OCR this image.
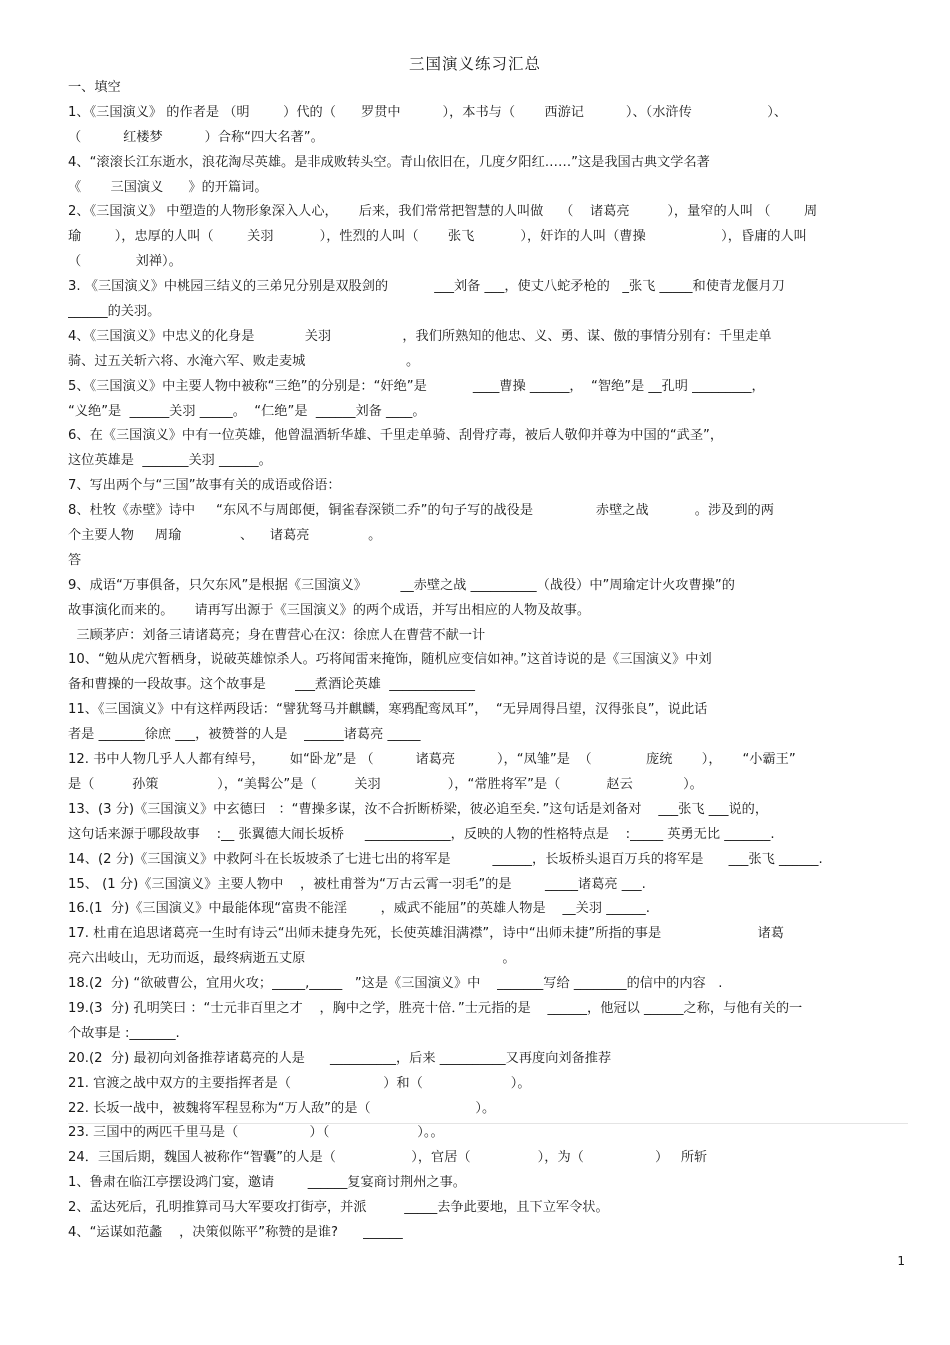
三国演义练习汇总
一、填空
1、《三国演义》 的作者是 （明        ）代的（      罗贯中          ），本书与（       西游记          ）、（水浒传                  ）、
（          红楼梦          ）合称“四大名著”。
4、“滚滚长江东逝水，浪花淘尽英雄。是非成败转头空。青山依旧在，几度夕阳红……”这是我国古典文学名著
《       三国演义      》的开篇词。
2、《三国演义》 中塑造的人物形象深入人心，     后来，我们常常把智慧的人叫做    （    诸葛亮         ），量窄的人叫 （        周
瑜        ），忠厚的人叫（        关羽           ），性烈的人叫（       张飞           ），奸诈的人叫（曹操                  ），昏庸的人叫
（             刘禅）。
3. 《三国演义》中桃园三结义的三弟兄分别是双股剑的           ___刘备 ___，使丈八蛇矛枪的   _张飞 _____和使青龙偃月刀
______的关羽。
4、《三国演义》中忠义的化身是            关羽                 ，我们所熟知的他忠、义、勇、谋、傲的事情分别有：千里走单
骑、过五关斩六将、水淹六军、败走麦城                        。
5、《三国演义》中主要人物中被称“三绝”的分别是：“奸绝”是           ____曹操 ______，  “智绝”是 __孔明 _________，
“义绝”是  ______关羽 _____。  “仁绝”是  ______刘备 ____。
6、在《三国演义》中有一位英雄，他曾温酒斩华雄、千里走单骑、刮骨疗毒，被后人敬仰并尊为中国的“武圣”，
这位英雄是  _______关羽 ______。
7、写出两个与“三国”故事有关的成语或俗语：
8、杜牧《赤壁》诗中     “东风不与周郎便，铜雀春深锁二乔”的句子写的战役是               赤壁之战           。涉及到的两
个主要人物     周瑜              、    诸葛亮              。
答
9、成语“万事俱备，只欠东风”是根据《三国演义》        __赤壁之战 __________（战役）中”周瑜定计火攻曹操”的
故事演化而来的。     请再写出源于《三国演义》的两个成语，并写出相应的人物及故事。
三顾茅庐：刘备三请诸葛亮；身在曹营心在汉：徐庶人在曹营不献一计
10、“勉从虎穴暂栖身，说破英雄惊杀人。巧将闻雷来掩饰，随机应变信如神。”这首诗说的是《三国演义》中刘
备和曹操的一段故事。这个故事是       ___煮酒论英雄  _____________
11、《三国演义》中有这样两段话：“譬犹驽马并麒麟，寒鸦配鸾凤耳”，  “无异周得吕望，汉得张良”，说此话
者是 _______徐庶 ___，被赞誉的人是    ______诸葛亮 _____
12. 书中人物几乎人人都有绰号，      如“卧龙”是 （          诸葛亮          ），“凤雏”是  （             庞统       ），     “小霸王”
是（         孙策              ），“美髯公”是（         关羽                ），“常胜将军”是（           赵云            ）。
13、(3 分)《三国演义》中玄德曰   ：“曹操多谋，汝不合折断桥梁，彼必追至矣．”这句话是刘备对    ___张飞 ___说的，
这句话来源于哪段故事    :__ 张翼德大闹长坂桥     _____________，反映的人物的性格特点是    :_____ 英勇无比 _______.
14、(2 分)《三国演义》中救阿斗在长坂坡杀了七进七出的将军是          ______，长坂桥头退百万兵的将军是      ___张飞 ______.
15、 (1 分)《三国演义》主要人物中    ，被杜甫誉为“万古云霄一羽毛”的是        _____诸葛亮 ___.
16.(1  分)《三国演义》中最能体现“富贵不能淫        ，威武不能屈”的英雄人物是    __关羽 ______.
17. 杜甫在追思诸葛亮一生时有诗云“出师未捷身先死，长使英雄泪满襟”，诗中“出师未捷”所指的事是                       诸葛
亮六出岐山，无功而返，最终病逝五丈原                                               。
18.(2  分) “欲破曹公，宜用火攻；_____,_____   ”这是《三国演义》中    _______写给 ________的信中的内容   .
19.(3  分) 孔明笑曰 ：“士元非百里之才    ，胸中之学，胜亮十倍．”士元指的是    ______，他冠以 ______之称，与他有关的一
个故事是 :_______.
20.(2  分) 最初向刘备推荐诸葛亮的人是      __________，后来 __________又再度向刘备推荐
21. 官渡之战中双方的主要指挥者是（                      ）和（                     ）。
22. 长坂一战中，被魏将军程昱称为“万人敌”的是（                         ）。
23. 三国中的两匹千里马是（                 ）（                     ）。。
24．三国后期，魏国人被称作“智囊”的人是（                  ），官居（                ），为（                 ）   所斩
1、鲁肃在临江亭摆设鸿门宴，邀请        ______复宴商讨荆州之事。
2、孟达死后，孔明推算司马大军要攻打街亭，并派         _____去争此要地，且下立军令状。
4、“运谋如范蠡    ，决策似陈平”称赞的是谁?      ______
1
